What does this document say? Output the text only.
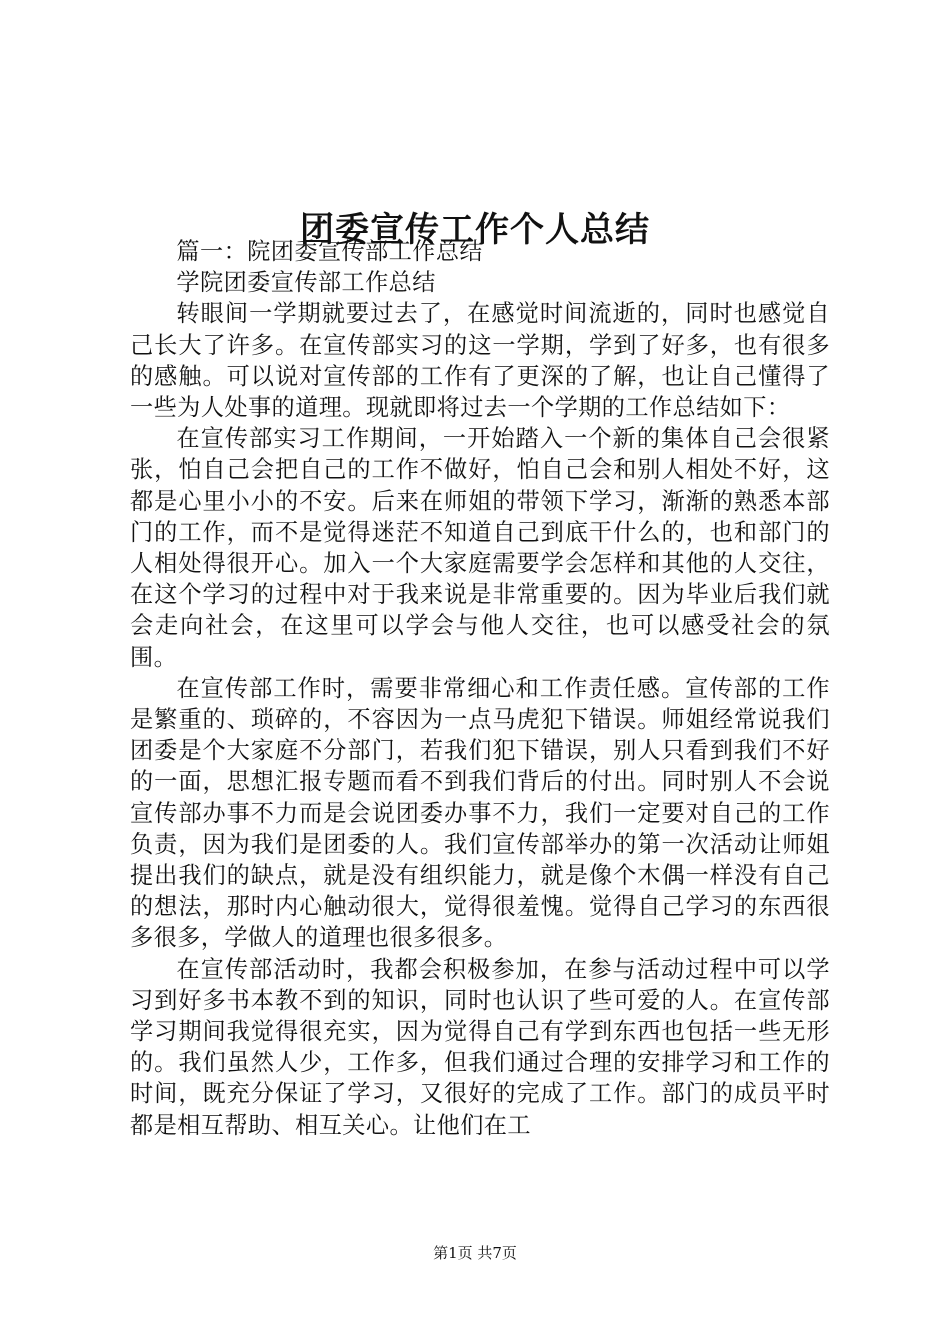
团委宣传工作个人总结

篇一：院团委宣传部工作总结

学院团委宣传部工作总结

转眼间一学期就要过去了，在感觉时间流逝的，同时也感觉自己长大了许多。在宣传部实习的这一学期，学到了好多，也有很多的感触。可以说对宣传部的工作有了更深的了解，也让自己懂得了一些为人处事的道理。现就即将过去一个学期的工作总结如下：

在宣传部实习工作期间，一开始踏入一个新的集体自己会很紧张，怕自己会把自己的工作不做好，怕自己会和别人相处不好，这都是心里小小的不安。后来在师姐的带领下学习，渐渐的熟悉本部门的工作，而不是觉得迷茫不知道自己到底干什么的，也和部门的人相处得很开心。加入一个大家庭需要学会怎样和其他的人交往，在这个学习的过程中对于我来说是非常重要的。因为毕业后我们就会走向社会，在这里可以学会与他人交往，也可以感受社会的氛围。

在宣传部工作时，需要非常细心和工作责任感。宣传部的工作是繁重的、琐碎的，不容因为一点马虎犯下错误。师姐经常说我们团委是个大家庭不分部门，若我们犯下错误，别人只看到我们不好的一面，思想汇报专题而看不到我们背后的付出。同时别人不会说宣传部办事不力而是会说团委办事不力，我们一定要对自己的工作负责，因为我们是团委的人。我们宣传部举办的第一次活动让师姐提出我们的缺点，就是没有组织能力，就是像个木偶一样没有自己的想法，那时内心触动很大，觉得很羞愧。觉得自己学习的东西很多很多，学做人的道理也很多很多。

在宣传部活动时，我都会积极参加，在参与活动过程中可以学习到好多书本教不到的知识，同时也认识了些可爱的人。在宣传部学习期间我觉得很充实，因为觉得自己有学到东西也包括一些无形的。我们虽然人少，工作多，但我们通过合理的安排学习和工作的时间，既充分保证了学习，又很好的完成了工作。部门的成员平时都是相互帮助、相互关心。让他们在工

第1页 共7页
